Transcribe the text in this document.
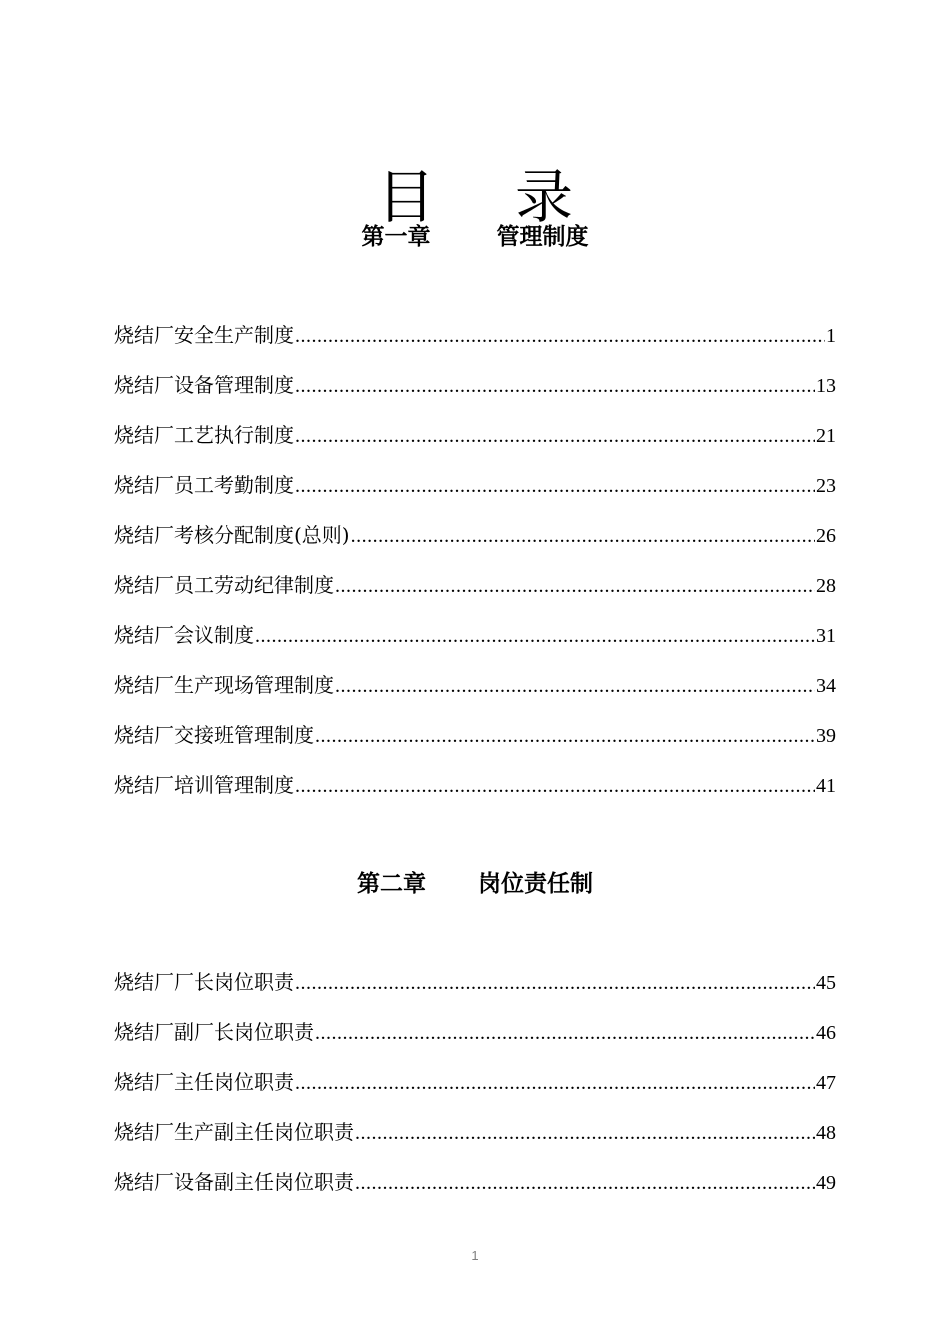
目 录
第一章	管理制度
烧结厂安全生产制度 .....	1
烧结厂设备管理制度 .....	13
烧结厂工艺执行制度 .....	21
烧结厂员工考勤制度 .....	23
烧结厂考核分配制度(总则) .....	26
烧结厂员工劳动纪律制度 .....	28
烧结厂会议制度 .....	31
烧结厂生产现场管理制度 .....	34
烧结厂交接班管理制度 .....	39
烧结厂培训管理制度 .....	41
第二章 岗位责任制
烧结厂厂长岗位职责 .....	45
烧结厂副厂长岗位职责 .....	46
烧结厂主任岗位职责 .....	47
烧结厂生产副主任岗位职责 .....	48
烧结厂设备副主任岗位职责 .....	49
1
